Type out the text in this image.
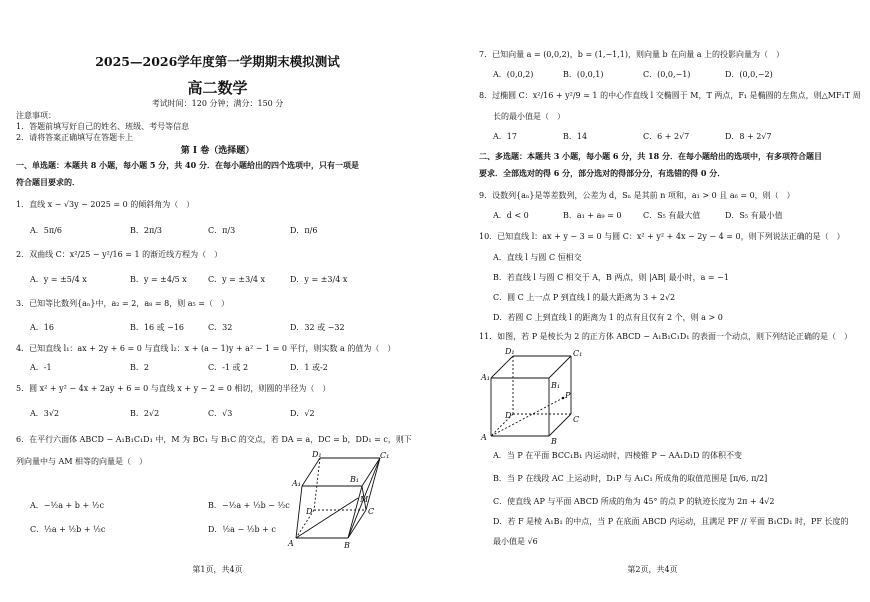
2025—2026学年度第一学期期末模拟测试
高二数学
考试时间：120 分钟；满分：150 分
注意事项：
1．答题前填写好自己的姓名、班级、考号等信息
2．请将答案正确填写在答题卡上
第 I 卷（选择题）
一、单选题：本题共 8 小题，每小题 5 分，共 40 分．在每小题给出的四个选项中，只有一项是
符合题目要求的．
1．直线 x − √3y − 2025 = 0 的倾斜角为（　）
A．5π/6	B．2π/3	C．π/3	D．π/6
2．双曲线 C：x²/25 − y²/16 = 1 的渐近线方程为（　）
A．y = ±5/4 x	B．y = ±4/5 x	C．y = ±3/4 x	D．y = ±3/4 x
3．已知等比数列{aₙ}中，a₂ = 2，a₈ = 8，则 a₅ =（　）
A．16	B．16 或 −16	C．32	D．32 或 −32
4．已知直线 l₁：ax + 2y + 6 = 0 与直线 l₂：x + (a − 1)y + a² − 1 = 0 平行，则实数 a 的值为（　）
A．-1	B．2	C．-1 或 2	D．1 或-2
5．圆 x² + y² − 4x + 2ay + 6 = 0 与直线 x + y − 2 = 0 相切，则圆的半径为（　）
A．3√2	B．2√2	C．√3	D．√2
6．在平行六面体 ABCD − A₁B₁C₁D₁ 中，M 为 BC₁ 与 B₁C 的交点，若 DA = a，DC = b，DD₁ = c，则下
列向量中与 AM 相等的向量是（　）
A．−½a + b + ½c	B．−½a + ½b − ½c
C．½a + ½b + ½c	D．½a − ½b + c
D₁	C₁
A₁	B₁
M
D	C
A	B
第1页，共4页
7．已知向量 a = (0,0,2)，b = (1,−1,1)，则向量 b 在向量 a 上的投影向量为（　）
A．(0,0,2)	B．(0,0,1)	C．(0,0,−1)	D．(0,0,−2)
8．过椭圆 C：x²/16 + y²/9 = 1 的中心作直线 l 交椭圆于 M，T 两点，F₁ 是椭圆的左焦点，则△MF₁T 周
长的最小值是（　）
A．17	B．14	C．6 + 2√7	D．8 + 2√7
二、多选题：本题共 3 小题，每小题 6 分，共 18 分．在每小题给出的选项中，有多项符合题目
要求．全部选对的得 6 分，部分选对的得部分分，有选错的得 0 分．
9．设数列{aₙ}是等差数列，公差为 d，Sₙ 是其前 n 项和，a₁ > 0 且 a₆ = 0，则（　）
A．d < 0	B．a₁ + a₉ = 0	C．S₅ 有最大值	D．S₅ 有最小值
10．已知直线 l：ax + y − 3 = 0 与圆 C：x² + y² + 4x − 2y − 4 = 0，则下列说法正确的是（　）
A．直线 l 与圆 C 恒相交
B．若直线 l 与圆 C 相交于 A，B 两点，则 |AB| 最小时，a = −1
C．圆 C 上一点 P 到直线 l 的最大距离为 3 + 2√2
D．若圆 C 上到直线 l 的距离为 1 的点有且仅有 2 个，则 a > 0
11．如图，若 P 是棱长为 2 的正方体 ABCD − A₁B₁C₁D₁ 的表面一个动点，则下列结论正确的是（　）
D₁	C₁
A₁
B₁
P
D	C
A	B
A．当 P 在平面 BCC₁B₁ 内运动时，四棱锥 P − AA₁D₁D 的体积不变
B．当 P 在线段 AC 上运动时，D₁P 与 A₁C₁ 所成角的取值范围是 [π/6, π/2]
C．使直线 AP 与平面 ABCD 所成的角为 45° 的点 P 的轨迹长度为 2π + 4√2
D．若 F 是棱 A₁B₁ 的中点，当 P 在底面 ABCD 内运动，且满足 PF // 平面 B₁CD₁ 时，PF 长度的
最小值是 √6
第2页，共4页
